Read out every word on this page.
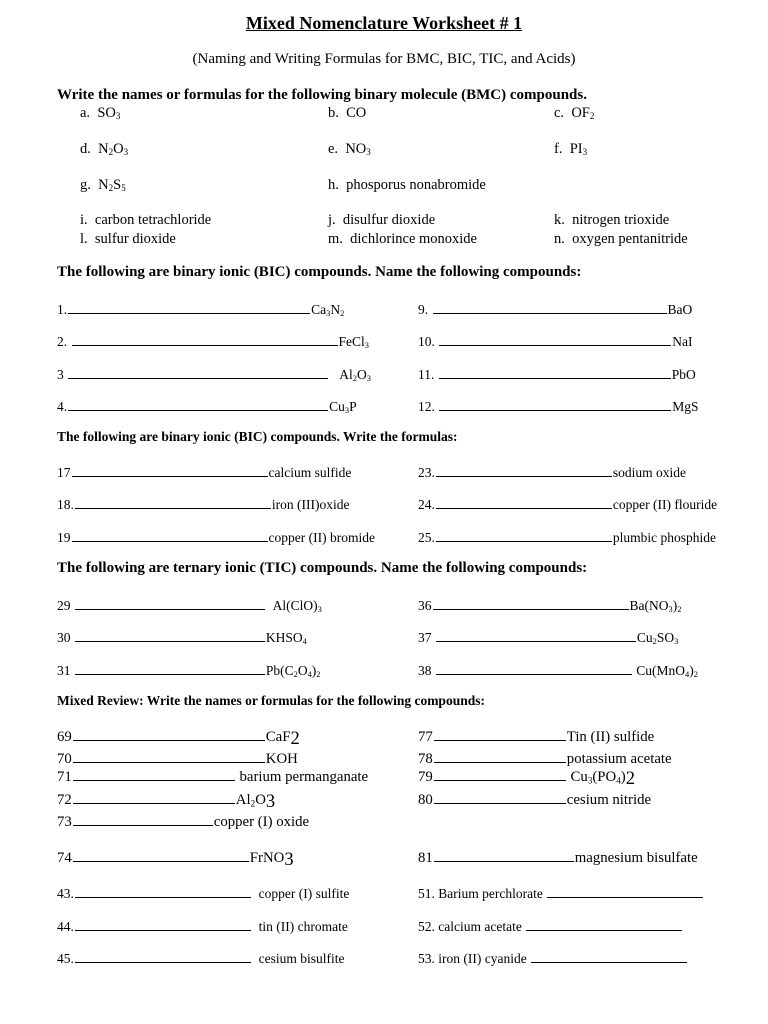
Mixed Nomenclature Worksheet # 1
(Naming and Writing Formulas for BMC, BIC, TIC, and Acids)
Write the names or formulas for the following binary molecule (BMC) compounds.
a. $SO_3$	b. CO	c. $OF_2$
d. $N_2O_3$	e. $NO_3$	f. $PI_3$
g. $N_2S_5$	h. phosporus nonabromide
i. carbon tetrachloride	j. disulfur dioxide	k. nitrogen trioxide
l. sulfur dioxide	m. dichlorince monoxide	n. oxygen pentanitride
The following are binary ionic (BIC) compounds. Name the following compounds:
1.	$Ca_3N_2$
2.	FeCl$_3$
3	$Al_2O_3$
4.	$Cu_3P$
9.	BaO
10.	NaI
11.	PbO
12.	MgS
The following are binary ionic (BIC) compounds. Write the formulas:
17	calcium sulfide
18.	iron (III)oxide
19	copper (II) bromide
23.	sodium oxide
24.	copper (II) flouride
25.	plumbic phosphide
The following are ternary ionic (TIC) compounds. Name the following compounds:
29	$Al(ClO)_3$
30	$KHSO_4$
31	$Pb(C_2O_4)_2$
36	$Ba(NO_3)_2$
37	$Cu_2SO_3$
38	$Cu(MnO_4)_2$
Mixed Review: Write the names or formulas for the following compounds:
69	CaF2
70	KOH
71	barium permanganate
72	$Al_2O3$
73	copper (I) oxide
74	FrNO3
77	Tin (II) sulfide
78	potassium acetate
79	$Cu_3(PO_4)2$
80	cesium nitride
81	magnesium bisulfate
43.	copper (I) sulfite
44.	tin (II) chromate
45.	cesium bisulfite
51. Barium perchlorate
52. calcium acetate
53. iron (II) cyanide
